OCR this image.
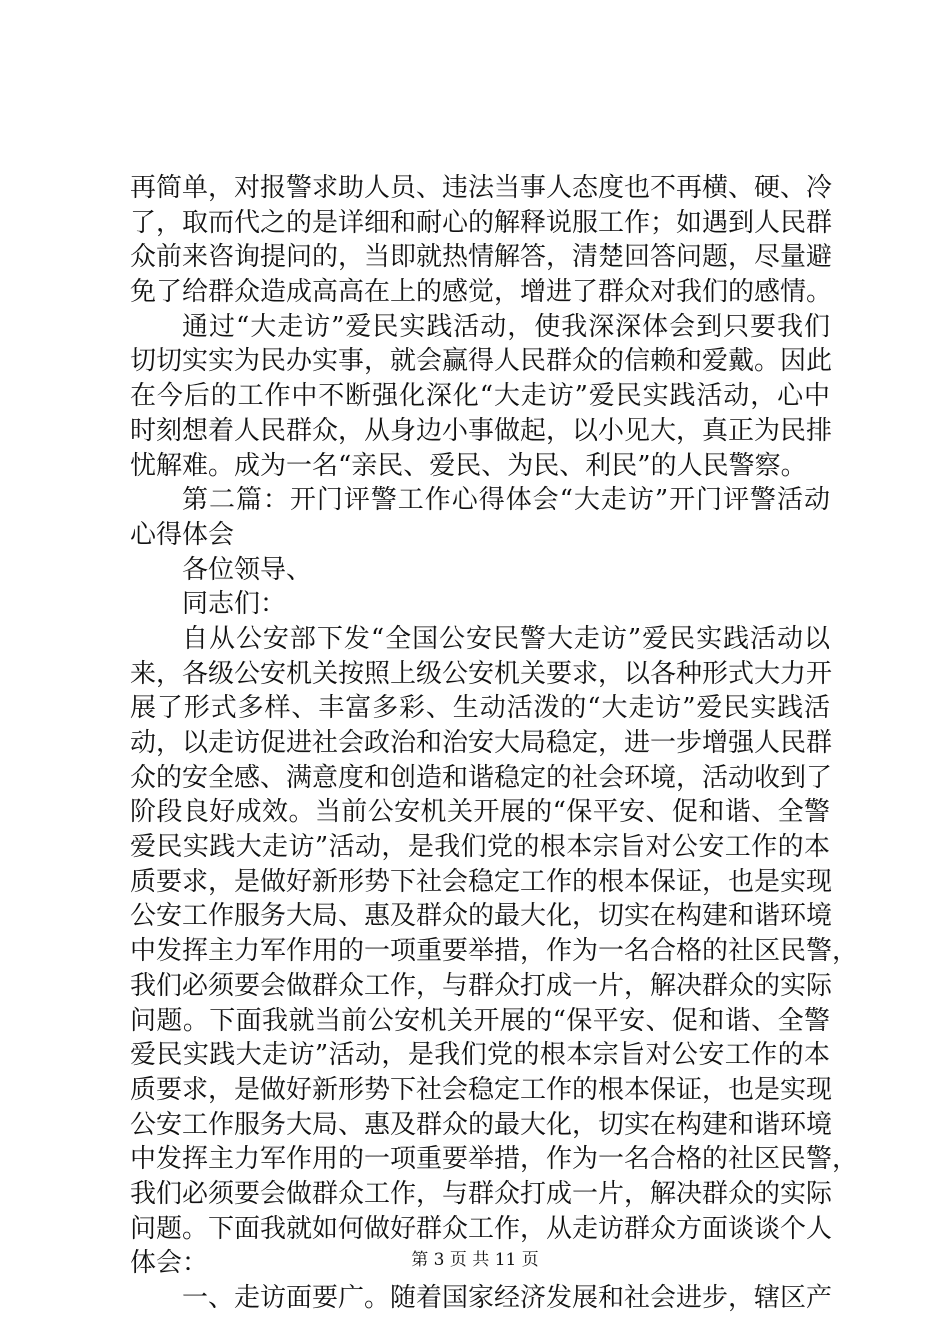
再简单，对报警求助人员、违法当事人态度也不再横、硬、冷
了，取而代之的是详细和耐心的解释说服工作；如遇到人民群
众前来咨询提问的，当即就热情解答，清楚回答问题，尽量避
免了给群众造成高高在上的感觉，增进了群众对我们的感情。
通过“大走访”爱民实践活动，使我深深体会到只要我们
切切实实为民办实事，就会赢得人民群众的信赖和爱戴。因此
在今后的工作中不断强化深化“大走访”爱民实践活动，心中
时刻想着人民群众，从身边小事做起，以小见大，真正为民排
忧解难。成为一名“亲民、爱民、为民、利民”的人民警察。
第二篇：开门评警工作心得体会“大走访”开门评警活动
心得体会
各位领导、
同志们：
自从公安部下发“全国公安民警大走访”爱民实践活动以
来，各级公安机关按照上级公安机关要求，以各种形式大力开
展了形式多样、丰富多彩、生动活泼的“大走访”爱民实践活
动，以走访促进社会政治和治安大局稳定，进一步增强人民群
众的安全感、满意度和创造和谐稳定的社会环境，活动收到了
阶段良好成效。当前公安机关开展的“保平安、促和谐、全警
爱民实践大走访”活动，是我们党的根本宗旨对公安工作的本
质要求，是做好新形势下社会稳定工作的根本保证，也是实现
公安工作服务大局、惠及群众的最大化，切实在构建和谐环境
中发挥主力军作用的一项重要举措，作为一名合格的社区民警，
我们必须要会做群众工作，与群众打成一片，解决群众的实际
问题。下面我就当前公安机关开展的“保平安、促和谐、全警
爱民实践大走访”活动，是我们党的根本宗旨对公安工作的本
质要求，是做好新形势下社会稳定工作的根本保证，也是实现
公安工作服务大局、惠及群众的最大化，切实在构建和谐环境
中发挥主力军作用的一项重要举措，作为一名合格的社区民警，
我们必须要会做群众工作，与群众打成一片，解决群众的实际
问题。下面我就如何做好群众工作，从走访群众方面谈谈个人
体会：
一、走访面要广。随着国家经济发展和社会进步，辖区产
第 3 页 共 11 页
